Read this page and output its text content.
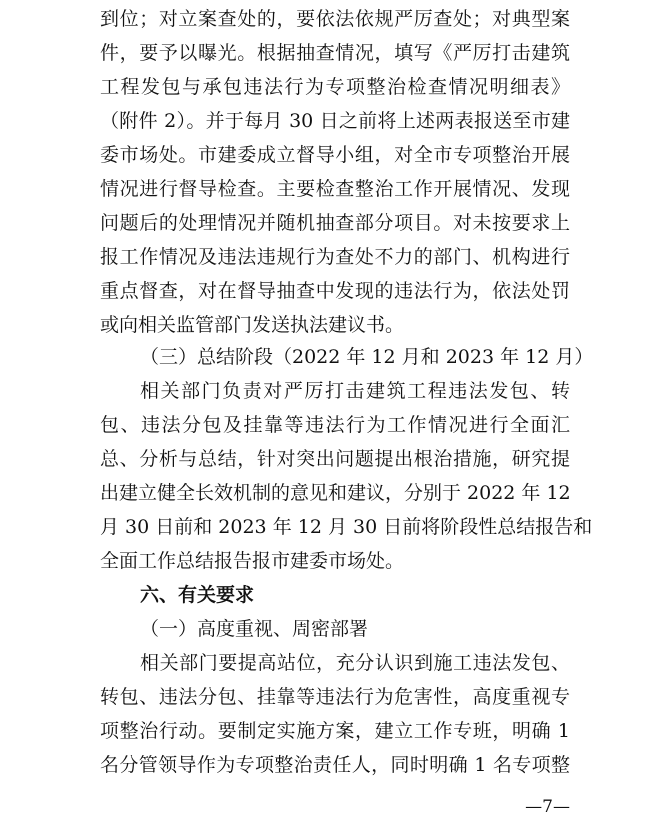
到位；对立案查处的，要依法依规严厉查处；对典型案
件，要予以曝光。根据抽查情况，填写《严厉打击建筑
工程发包与承包违法行为专项整治检查情况明细表》
（附件 2）。并于每月 30 日之前将上述两表报送至市建
委市场处。市建委成立督导小组，对全市专项整治开展
情况进行督导检查。主要检查整治工作开展情况、发现
问题后的处理情况并随机抽查部分项目。对未按要求上
报工作情况及违法违规行为查处不力的部门、机构进行
重点督查，对在督导抽查中发现的违法行为，依法处罚
或向相关监管部门发送执法建议书。
（三）总结阶段（2022 年 12 月和 2023 年 12 月）
相关部门负责对严厉打击建筑工程违法发包、转
包、违法分包及挂靠等违法行为工作情况进行全面汇
总、分析与总结，针对突出问题提出根治措施，研究提
出建立健全长效机制的意见和建议，分别于 2022 年 12
月 30 日前和 2023 年 12 月 30 日前将阶段性总结报告和
全面工作总结报告报市建委市场处。
六、有关要求
（一）高度重视、周密部署
相关部门要提高站位，充分认识到施工违法发包、
转包、违法分包、挂靠等违法行为危害性，高度重视专
项整治行动。要制定实施方案，建立工作专班，明确 1
名分管领导作为专项整治责任人，同时明确 1 名专项整
—7—
